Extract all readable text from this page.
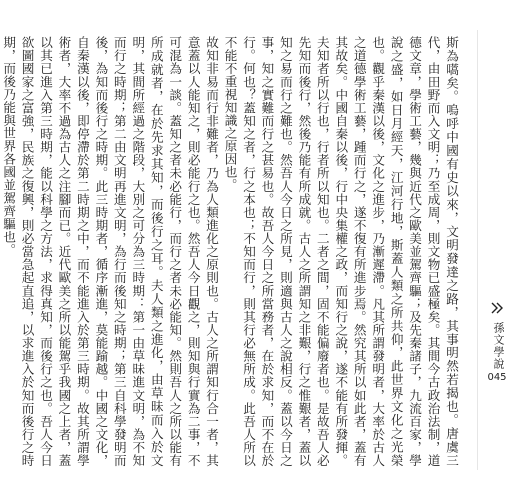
斯為嚆矣。嗚呼中國有史以來，文明發達之路，其事明然若揭也。唐虞三代，由田野而入文明；乃至成周，則文物已盛極矣。其間今古政治法制，道德文章，學術工藝，幾與近代之歐美並駕齊驅；及先秦諸子，九流百家，學說之盛，如日月經天，江河行地，斯蓋人類之所共仰，此世界文化之光榮也。觀乎秦漢以後，文化之進步，乃漸遲滯。凡其所謂發明者，大率於古人之道德學術工藝，踵而行之，遂不復有所進步焉。然究其所以如此者，蓋有其故矣。中國自秦以後，行中央集權之政，而知行之說，遂不能有所發揮。夫知者所以行也，行者所以知也。二者之間，固不能偏廢者也。是故吾人必先知而後行，然後乃能有所成就。古人之所謂知之非艱，行之惟艱者，蓋以知之易而行之難也。然吾人今日之所見，則適與古人之說相反。蓋以今日之事，知之實難而行之甚易也。故吾人今日之所當務者，在於求知，而不在於行。何也？蓋知之者，行之本也；不知而行，則其行必無所成。此吾人所以不能不重視知識之原因也。

故知非易而行非難者，乃為人類進化之原則也。古人之所謂知行合一者，其意蓋以人能知之，則必能行之也。然吾人今日觀之，則知與行實為二事，不可混為一談。蓋知之者未必能行，而行之者未必能知。然則吾人之所以能有所成就者，在於先求其知，而後行之耳。夫人類之進化，由草昧而入於文明，其間所經過之階段，大別之可分為三時期：第一由草昧進文明，為不知而行之時期；第二由文明再進文明，為行而後知之時期；第三自科學發明而後，為知而後行之時期。此三時期者，循序漸進，莫能踰越。中國之文化，自秦漢以後，即停滯於第二時期之中，而不能進入於第三時期。故其所謂學術者，大率不過為古人之注腳而已。近代歐美之所以能駕乎我國之上者，蓋以其已進入第三時期，能以科學之方法，求得真知，而後行之也。吾人今日欲圖國家之富強，民族之復興，則必當急起直追，以求進入於知而後行之時期，而後乃能與世界各國並駕齊驅也。

孫文學說
045
